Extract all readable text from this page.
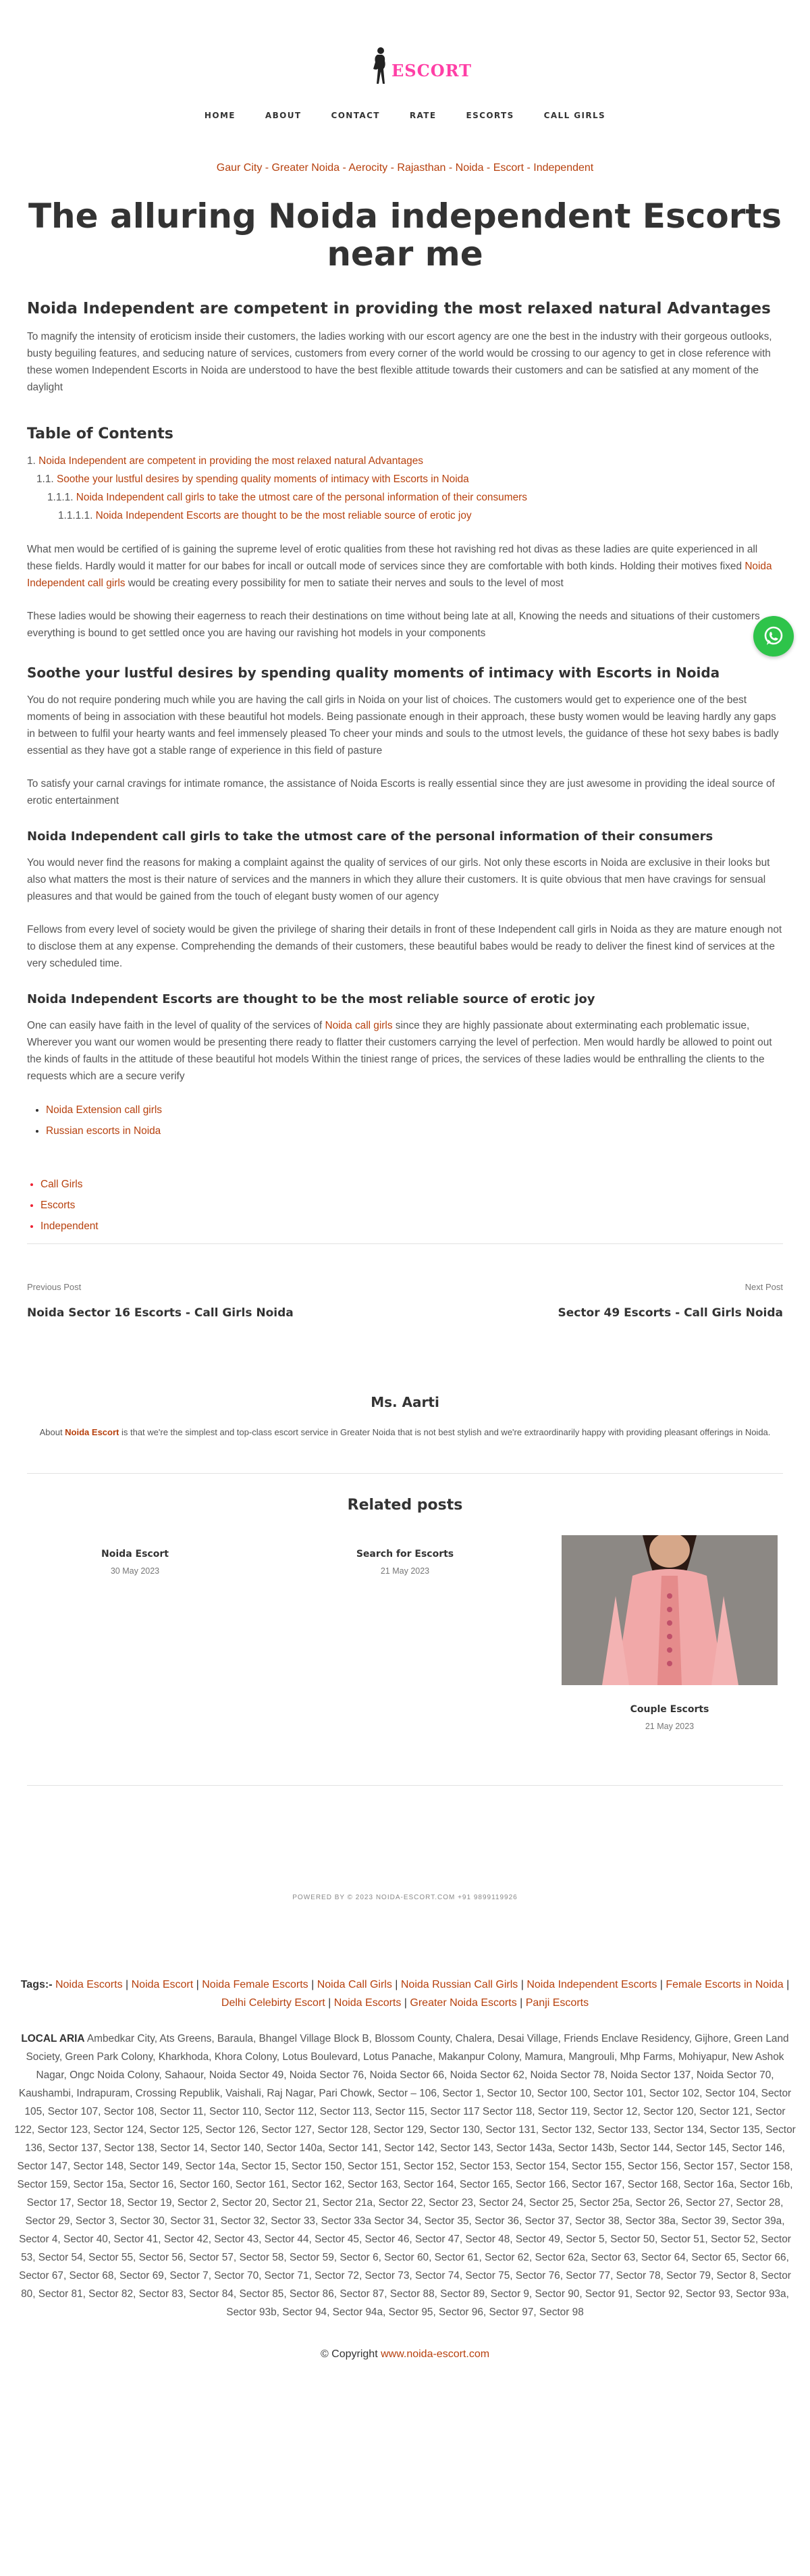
ESCORT
HOME	ABOUT	CONTACT	RATE	ESCORTS	CALL GIRLS
Gaur City - Greater Noida - Aerocity - Rajasthan - Noida - Escort - Independent
The alluring Noida independent Escorts near me
Noida Independent are competent in providing the most relaxed natural Advantages

To magnify the intensity of eroticism inside their customers, the ladies working with our escort agency are one the best in the industry with their gorgeous outlooks, busty beguiling features, and seducing nature of services, customers from every corner of the world would be crossing to our agency to get in close reference with these women Independent Escorts in Noida are understood to have the best flexible attitude towards their customers and can be satisfied at any moment of the daylight

Table of Contents
1. Noida Independent are competent in providing the most relaxed natural Advantages
1.1. Soothe your lustful desires by spending quality moments of intimacy with Escorts in Noida
1.1.1. Noida Independent call girls to take the utmost care of the personal information of their consumers
1.1.1.1. Noida Independent Escorts are thought to be the most reliable source of erotic joy

What men would be certified of is gaining the supreme level of erotic qualities from these hot ravishing red hot divas as these ladies are quite experienced in all these fields. Hardly would it matter for our babes for incall or outcall mode of services since they are comfortable with both kinds. Holding their motives fixed Noida Independent call girls would be creating every possibility for men to satiate their nerves and souls to the level of most

These ladies would be showing their eagerness to reach their destinations on time without being late at all, Knowing the needs and situations of their customers everything is bound to get settled once you are having our ravishing hot models in your components

Soothe your lustful desires by spending quality moments of intimacy with Escorts in Noida

You do not require pondering much while you are having the call girls in Noida on your list of choices. The customers would get to experience one of the best moments of being in association with these beautiful hot models. Being passionate enough in their approach, these busty women would be leaving hardly any gaps in between to fulfil your hearty wants and feel immensely pleased To cheer your minds and souls to the utmost levels, the guidance of these hot sexy babes is badly essential as they have got a stable range of experience in this field of pasture

To satisfy your carnal cravings for intimate romance, the assistance of Noida Escorts is really essential since they are just awesome in providing the ideal source of erotic entertainment

Noida Independent call girls to take the utmost care of the personal information of their consumers

You would never find the reasons for making a complaint against the quality of services of our girls. Not only these escorts in Noida are exclusive in their looks but also what matters the most is their nature of services and the manners in which they allure their customers. It is quite obvious that men have cravings for sensual pleasures and that would be gained from the touch of elegant busty women of our agency

Fellows from every level of society would be given the privilege of sharing their details in front of these Independent call girls in Noida as they are mature enough not to disclose them at any expense. Comprehending the demands of their customers, these beautiful babes would be ready to deliver the finest kind of services at the very scheduled time.

Noida Independent Escorts are thought to be the most reliable source of erotic joy

One can easily have faith in the level of quality of the services of Noida call girls since they are highly passionate about exterminating each problematic issue, Wherever you want our women would be presenting there ready to flatter their customers carrying the level of perfection. Men would hardly be allowed to point out the kinds of faults in the attitude of these beautiful hot models Within the tiniest range of prices, the services of these ladies would be enthralling the clients to the requests which are a secure verify

• Noida Extension call girls
• Russian escorts in Noida
• Call Girls
• Escorts
• Independent
Previous Post
Noida Sector 16 Escorts - Call Girls Noida
Next Post
Sector 49 Escorts - Call Girls Noida
Ms. Aarti
About Noida Escort is that we're the simplest and top-class escort service in Greater Noida that is not best stylish and we're extraordinarily happy with providing pleasant offerings in Noida.
Related posts
Noida Escort
30 May 2023
Search for Escorts
21 May 2023
Couple Escorts
21 May 2023
POWERED BY © 2023 NOIDA-ESCORT.COM +91 9899119926
Tags:- Noida Escorts | Noida Escort | Noida Female Escorts | Noida Call Girls | Noida Russian Call Girls | Noida Independent Escorts | Female Escorts in Noida | Delhi Celebirty Escort | Noida Escorts | Greater Noida Escorts | Panji Escorts
LOCAL ARIA Ambedkar City, Ats Greens, Baraula, Bhangel Village Block B, Blossom County, Chalera, Desai Village, Friends Enclave Residency, Gijhore, Green Land Society, Green Park Colony, Kharkhoda, Khora Colony, Lotus Boulevard, Lotus Panache, Makanpur Colony, Mamura, Mangrouli, Mhp Farms, Mohiyapur, New Ashok Nagar, Ongc Noida Colony, Sahaour, Noida Sector 49, Noida Sector 76, Noida Sector 66, Noida Sector 62, Noida Sector 78, Noida Sector 137, Noida Sector 70, Kaushambi, Indrapuram, Crossing Republik, Vaishali, Raj Nagar, Pari Chowk, Sector – 106, Sector 1, Sector 10, Sector 100, Sector 101, Sector 102, Sector 104, Sector 105, Sector 107, Sector 108, Sector 11, Sector 110, Sector 112, Sector 113, Sector 115, Sector 117 Sector 118, Sector 119, Sector 12, Sector 120, Sector 121, Sector 122, Sector 123, Sector 124, Sector 125, Sector 126, Sector 127, Sector 128, Sector 129, Sector 130, Sector 131, Sector 132, Sector 133, Sector 134, Sector 135, Sector 136, Sector 137, Sector 138, Sector 14, Sector 140, Sector 140a, Sector 141, Sector 142, Sector 143, Sector 143a, Sector 143b, Sector 144, Sector 145, Sector 146, Sector 147, Sector 148, Sector 149, Sector 14a, Sector 15, Sector 150, Sector 151, Sector 152, Sector 153, Sector 154, Sector 155, Sector 156, Sector 157, Sector 158, Sector 159, Sector 15a, Sector 16, Sector 160, Sector 161, Sector 162, Sector 163, Sector 164, Sector 165, Sector 166, Sector 167, Sector 168, Sector 16a, Sector 16b, Sector 17, Sector 18, Sector 19, Sector 2, Sector 20, Sector 21, Sector 21a, Sector 22, Sector 23, Sector 24, Sector 25, Sector 25a, Sector 26, Sector 27, Sector 28, Sector 29, Sector 3, Sector 30, Sector 31, Sector 32, Sector 33, Sector 33a Sector 34, Sector 35, Sector 36, Sector 37, Sector 38, Sector 38a, Sector 39, Sector 39a, Sector 4, Sector 40, Sector 41, Sector 42, Sector 43, Sector 44, Sector 45, Sector 46, Sector 47, Sector 48, Sector 49, Sector 5, Sector 50, Sector 51, Sector 52, Sector 53, Sector 54, Sector 55, Sector 56, Sector 57, Sector 58, Sector 59, Sector 6, Sector 60, Sector 61, Sector 62, Sector 62a, Sector 63, Sector 64, Sector 65, Sector 66, Sector 67, Sector 68, Sector 69, Sector 7, Sector 70, Sector 71, Sector 72, Sector 73, Sector 74, Sector 75, Sector 76, Sector 77, Sector 78, Sector 79, Sector 8, Sector 80, Sector 81, Sector 82, Sector 83, Sector 84, Sector 85, Sector 86, Sector 87, Sector 88, Sector 89, Sector 9, Sector 90, Sector 91, Sector 92, Sector 93, Sector 93a, Sector 93b, Sector 94, Sector 94a, Sector 95, Sector 96, Sector 97, Sector 98
© Copyright www.noida-escort.com
